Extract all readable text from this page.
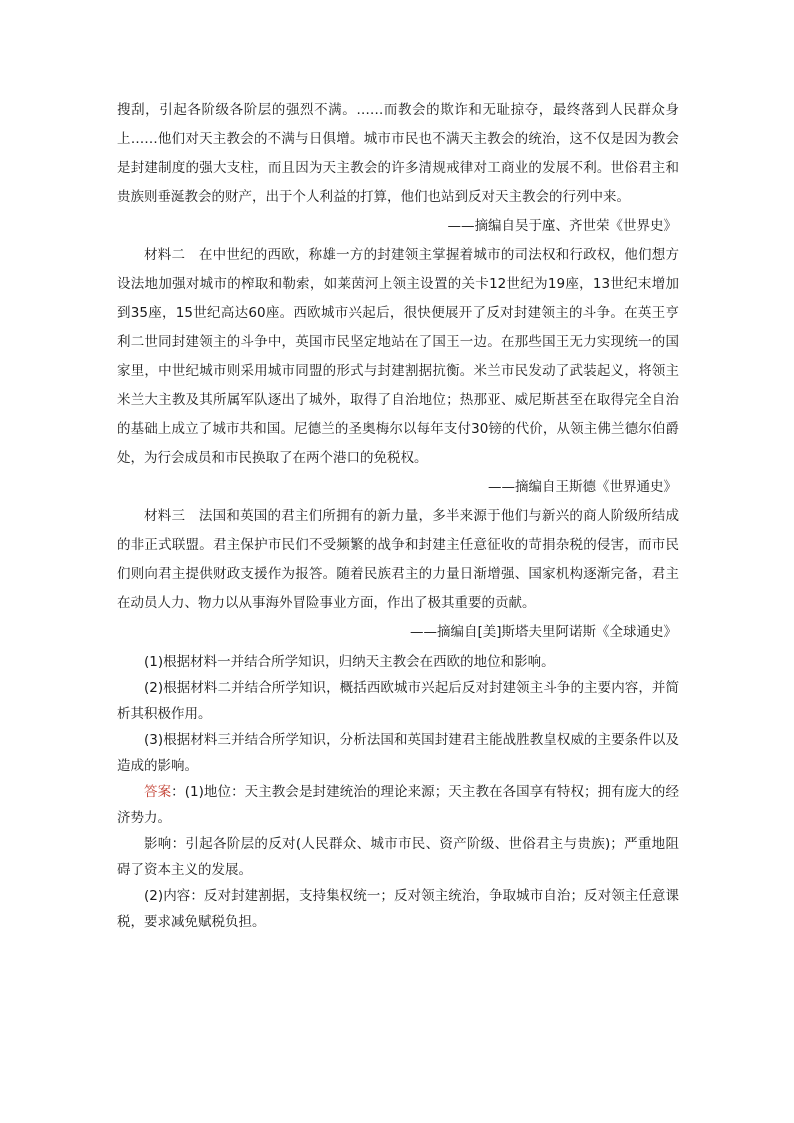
搜刮，引起各阶级各阶层的强烈不满。……而教会的欺诈和无耻掠夺，最终落到人民群众身上……他们对天主教会的不满与日俱增。城市市民也不满天主教会的统治，这不仅是因为教会是封建制度的强大支柱，而且因为天主教会的许多清规戒律对工商业的发展不利。世俗君主和贵族则垂涎教会的财产，出于个人利益的打算，他们也站到反对天主教会的行列中来。

——摘编自吴于廑、齐世荣《世界史》

材料二　在中世纪的西欧，称雄一方的封建领主掌握着城市的司法权和行政权，他们想方设法地加强对城市的榨取和勒索，如莱茵河上领主设置的关卡12世纪为19座，13世纪末增加到35座，15世纪高达60座。西欧城市兴起后，很快便展开了反对封建领主的斗争。在英王亨利二世同封建领主的斗争中，英国市民坚定地站在了国王一边。在那些国王无力实现统一的国家里，中世纪城市则采用城市同盟的形式与封建割据抗衡。米兰市民发动了武装起义，将领主米兰大主教及其所属军队逐出了城外，取得了自治地位；热那亚、威尼斯甚至在取得完全自治的基础上成立了城市共和国。尼德兰的圣奥梅尔以每年支付30镑的代价，从领主佛兰德尔伯爵处，为行会成员和市民换取了在两个港口的免税权。

——摘编自王斯德《世界通史》

材料三　法国和英国的君主们所拥有的新力量，多半来源于他们与新兴的商人阶级所结成的非正式联盟。君主保护市民们不受频繁的战争和封建主任意征收的苛捐杂税的侵害，而市民们则向君主提供财政支援作为报答。随着民族君主的力量日渐增强、国家机构逐渐完备，君主在动员人力、物力以从事海外冒险事业方面，作出了极其重要的贡献。

——摘编自[美]斯塔夫里阿诺斯《全球通史》

(1)根据材料一并结合所学知识，归纳天主教会在西欧的地位和影响。

(2)根据材料二并结合所学知识，概括西欧城市兴起后反对封建领主斗争的主要内容，并简析其积极作用。

(3)根据材料三并结合所学知识，分析法国和英国封建君主能战胜教皇权威的主要条件以及造成的影响。

答案：(1)地位：天主教会是封建统治的理论来源；天主教在各国享有特权；拥有庞大的经济势力。

影响：引起各阶层的反对(人民群众、城市市民、资产阶级、世俗君主与贵族)；严重地阻碍了资本主义的发展。

(2)内容：反对封建割据，支持集权统一；反对领主统治，争取城市自治；反对领主任意课税，要求减免赋税负担。
